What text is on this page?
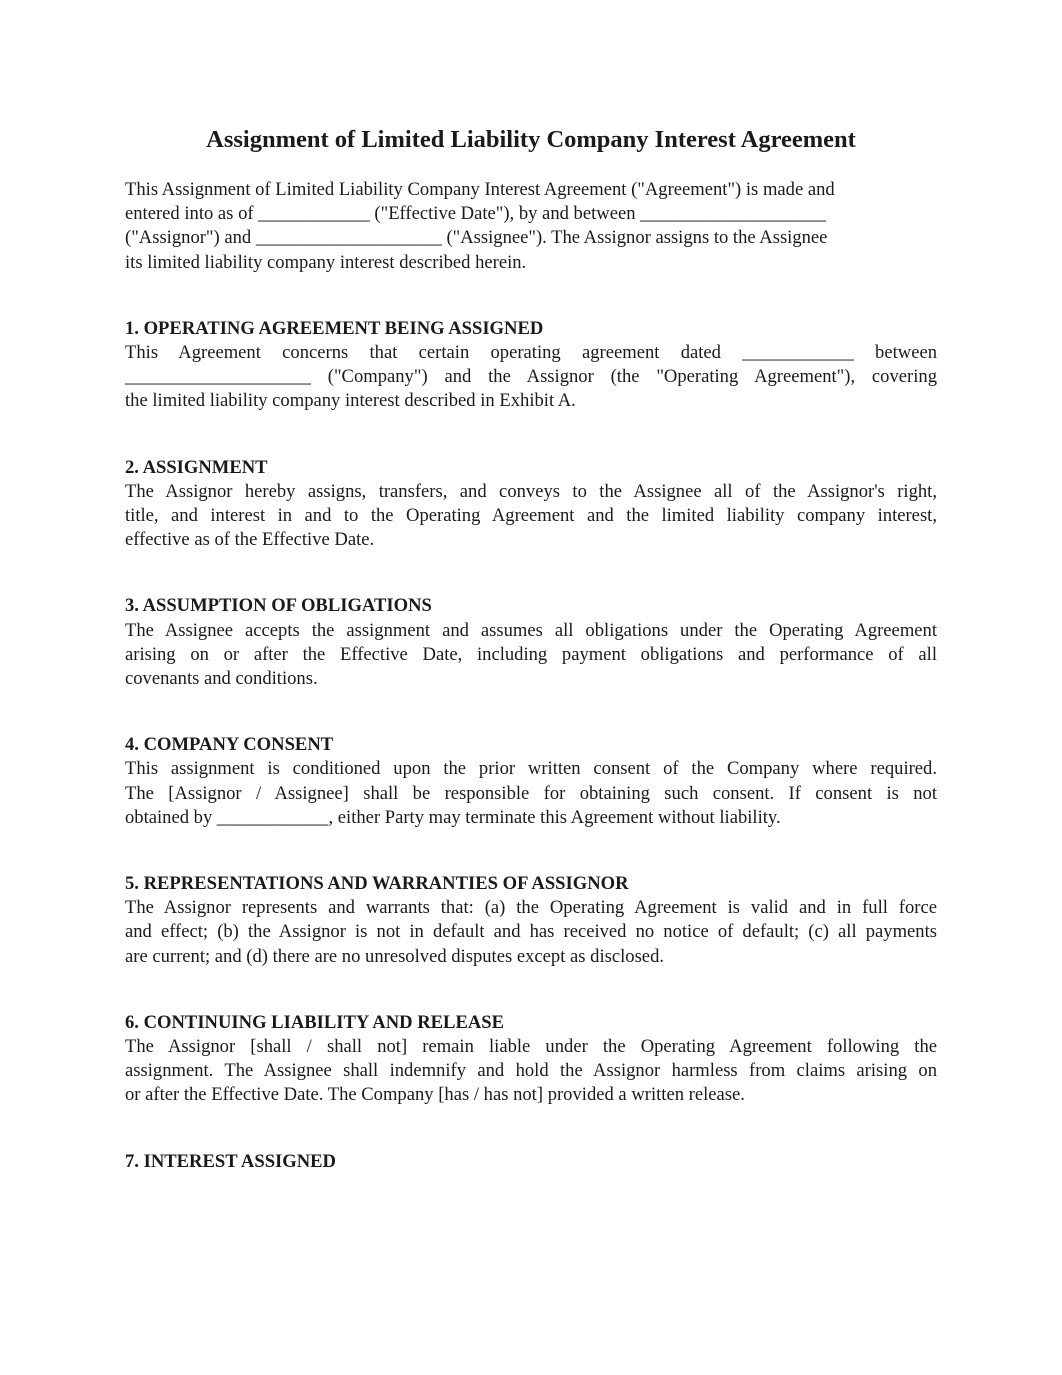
Assignment of Limited Liability Company Interest Agreement

This Assignment of Limited Liability Company Interest Agreement ("Agreement") is made and
entered into as of ____________ ("Effective Date"), by and between ____________________
("Assignor") and ____________________ ("Assignee"). The Assignor assigns to the Assignee
its limited liability company interest described herein.

1. OPERATING AGREEMENT BEING ASSIGNED

This Agreement concerns that certain operating agreement dated ____________ between
____________________ ("Company") and the Assignor (the "Operating Agreement"), covering
the limited liability company interest described in Exhibit A.

2. ASSIGNMENT

The Assignor hereby assigns, transfers, and conveys to the Assignee all of the Assignor's right,
title, and interest in and to the Operating Agreement and the limited liability company interest,
effective as of the Effective Date.

3. ASSUMPTION OF OBLIGATIONS

The Assignee accepts the assignment and assumes all obligations under the Operating Agreement
arising on or after the Effective Date, including payment obligations and performance of all
covenants and conditions.

4. COMPANY CONSENT

This assignment is conditioned upon the prior written consent of the Company where required.
The [Assignor / Assignee] shall be responsible for obtaining such consent. If consent is not
obtained by ____________, either Party may terminate this Agreement without liability.

5. REPRESENTATIONS AND WARRANTIES OF ASSIGNOR

The Assignor represents and warrants that: (a) the Operating Agreement is valid and in full force
and effect; (b) the Assignor is not in default and has received no notice of default; (c) all payments
are current; and (d) there are no unresolved disputes except as disclosed.

6. CONTINUING LIABILITY AND RELEASE

The Assignor [shall / shall not] remain liable under the Operating Agreement following the
assignment. The Assignee shall indemnify and hold the Assignor harmless from claims arising on
or after the Effective Date. The Company [has / has not] provided a written release.

7. INTEREST ASSIGNED
